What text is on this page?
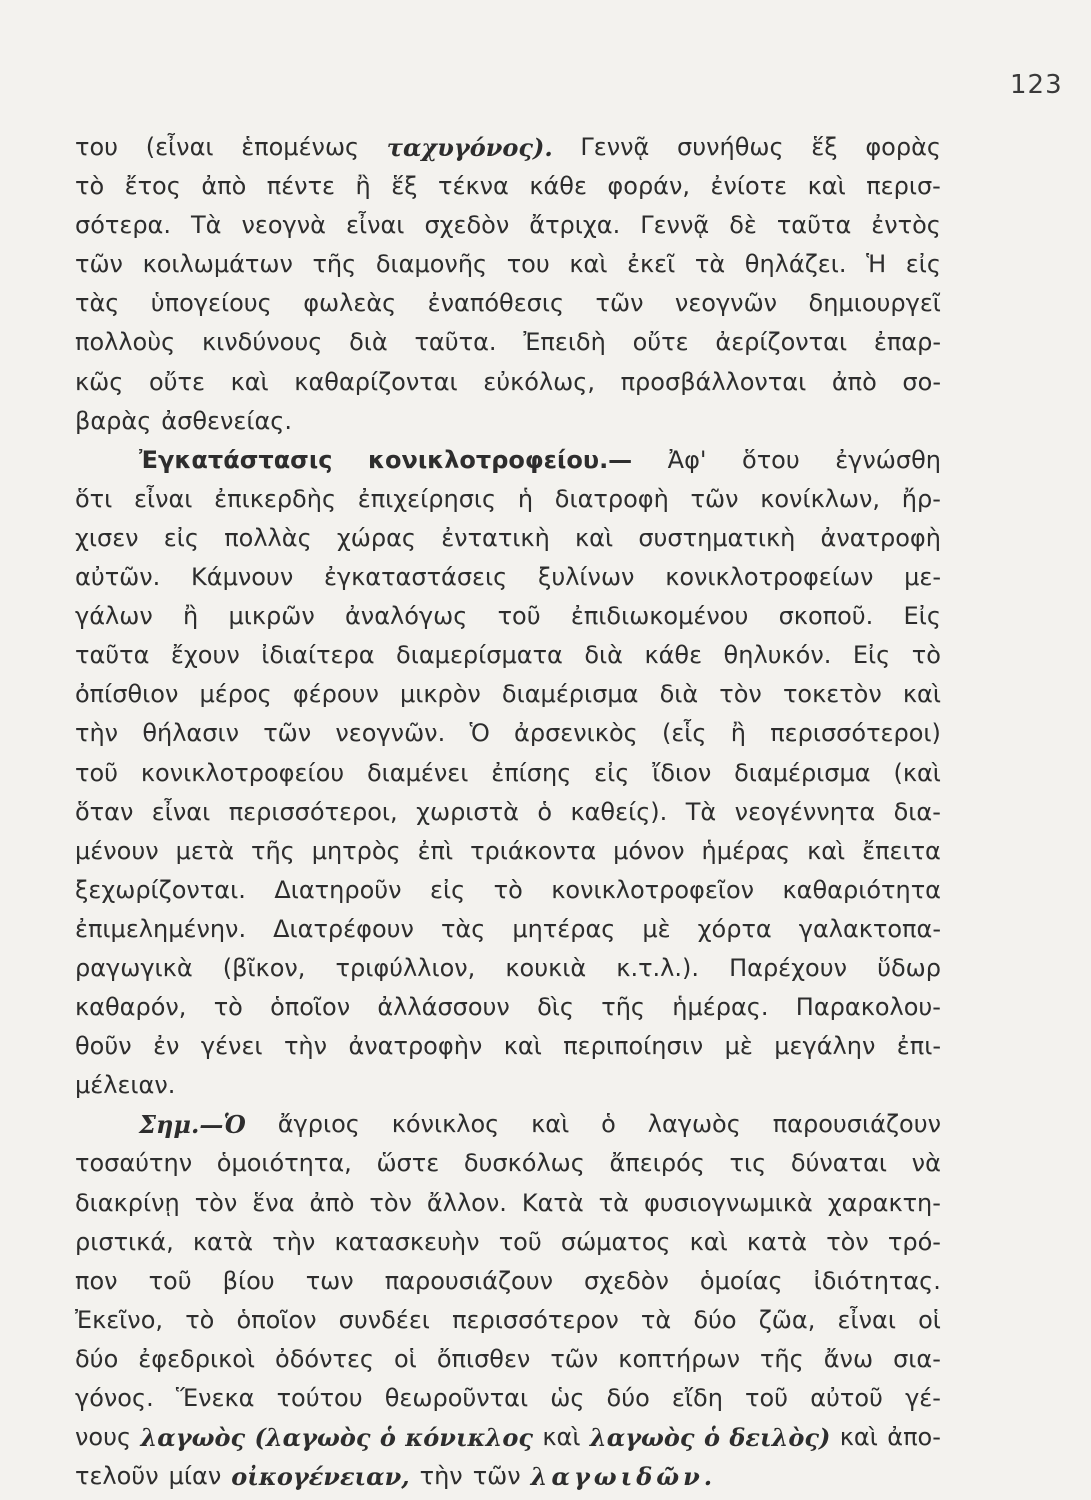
123
του (εἶναι ἑπομένως ταχυγόνος). Γεννᾷ συνήθως ἕξ φορὰς
τὸ ἔτος ἀπὸ πέντε ἢ ἕξ τέκνα κάθε φοράν, ἐνίοτε καὶ περισ-
σότερα. Τὰ νεογνὰ εἶναι σχεδὸν ἄτριχα. Γεννᾷ δὲ ταῦτα ἐντὸς
τῶν κοιλωμάτων τῆς διαμονῆς του καὶ ἐκεῖ τὰ θηλάζει. Ἡ εἰς
τὰς ὑπογείους φωλεὰς ἐναπόθεσις τῶν νεογνῶν δημιουργεῖ
πολλοὺς κινδύνους διὰ ταῦτα. Ἐπειδὴ οὔτε ἀερίζονται ἐπαρ-
κῶς οὔτε καὶ καθαρίζονται εὐκόλως, προσβάλλονται ἀπὸ σο-
βαρὰς ἀσθενείας.
Ἐγκατάστασις κονικλοτροφείου.— Ἀφ' ὅτου ἐγνώσθη
ὅτι εἶναι ἐπικερδὴς ἐπιχείρησις ἡ διατροφὴ τῶν κονίκλων, ἤρ-
χισεν εἰς πολλὰς χώρας ἐντατικὴ καὶ συστηματικὴ ἀνατροφὴ
αὐτῶν. Κάμνουν ἐγκαταστάσεις ξυλίνων κονικλοτροφείων με-
γάλων ἢ μικρῶν ἀναλόγως τοῦ ἐπιδιωκομένου σκοποῦ. Εἰς
ταῦτα ἔχουν ἰδιαίτερα διαμερίσματα διὰ κάθε θηλυκόν. Εἰς τὸ
ὀπίσθιον μέρος φέρουν μικρὸν διαμέρισμα διὰ τὸν τοκετὸν καὶ
τὴν θήλασιν τῶν νεογνῶν. Ὁ ἀρσενικὸς (εἷς ἢ περισσότεροι)
τοῦ κονικλοτροφείου διαμένει ἐπίσης εἰς ἴδιον διαμέρισμα (καὶ
ὅταν εἶναι περισσότεροι, χωριστὰ ὁ καθείς). Τὰ νεογέννητα δια-
μένουν μετὰ τῆς μητρὸς ἐπὶ τριάκοντα μόνον ἡμέρας καὶ ἔπειτα
ξεχωρίζονται. Διατηροῦν εἰς τὸ κονικλοτροφεῖον καθαριότητα
ἐπιμελημένην. Διατρέφουν τὰς μητέρας μὲ χόρτα γαλακτοπα-
ραγωγικὰ (βῖκον, τριφύλλιον, κουκιὰ κ.τ.λ.). Παρέχουν ὕδωρ
καθαρόν, τὸ ὁποῖον ἀλλάσσουν δὶς τῆς ἡμέρας. Παρακολου-
θοῦν ἐν γένει τὴν ἀνατροφὴν καὶ περιποίησιν μὲ μεγάλην ἐπι-
μέλειαν.
Σημ.—Ὁ ἄγριος κόνικλος καὶ ὁ λαγωὸς παρουσιάζουν
τοσαύτην ὁμοιότητα, ὥστε δυσκόλως ἄπειρός τις δύναται νὰ
διακρίνῃ τὸν ἕνα ἀπὸ τὸν ἄλλον. Κατὰ τὰ φυσιογνωμικὰ χαρακτη-
ριστικά, κατὰ τὴν κατασκευὴν τοῦ σώματος καὶ κατὰ τὸν τρό-
πον τοῦ βίου των παρουσιάζουν σχεδὸν ὁμοίας ἰδιότητας.
Ἐκεῖνο, τὸ ὁποῖον συνδέει περισσότερον τὰ δύο ζῶα, εἶναι οἱ
δύο ἐφεδρικοὶ ὀδόντες οἱ ὄπισθεν τῶν κοπτήρων τῆς ἄνω σια-
γόνος. Ἕνεκα τούτου θεωροῦνται ὡς δύο εἴδη τοῦ αὐτοῦ γέ-
νους λαγωὸς (λαγωὸς ὁ κόνικλος καὶ λαγωὸς ὁ δειλὸς) καὶ ἀπο-
τελοῦν μίαν οἰκογένειαν, τὴν τῶν λαγωιδῶν.
